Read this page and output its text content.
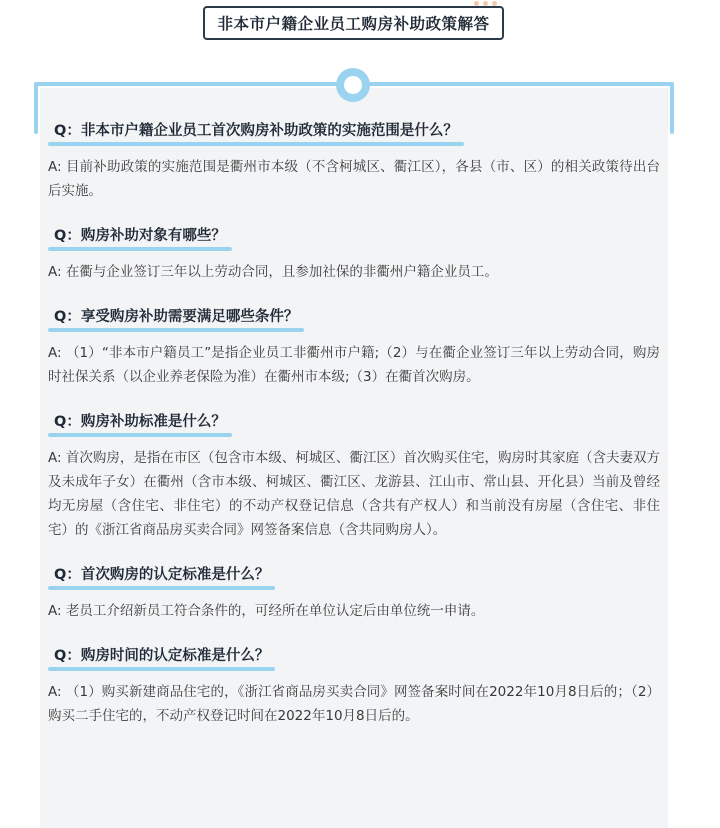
非本市户籍企业员工购房补助政策解答
Q：非本市户籍企业员工首次购房补助政策的实施范围是什么？
A: 目前补助政策的实施范围是衢州市本级（不含柯城区、衢江区），各县（市、区）的相关政策待出台后实施。
Q：购房补助对象有哪些？
A: 在衢与企业签订三年以上劳动合同，且参加社保的非衢州户籍企业员工。
Q：享受购房补助需要满足哪些条件？
A: （1）“非本市户籍员工”是指企业员工非衢州市户籍;（2）与在衢企业签订三年以上劳动合同，购房时社保关系（以企业养老保险为准）在衢州市本级;（3）在衢首次购房。
Q：购房补助标准是什么？
A: 首次购房，是指在市区（包含市本级、柯城区、衢江区）首次购买住宅，购房时其家庭（含夫妻双方及未成年子女）在衢州（含市本级、柯城区、衢江区、龙游县、江山市、常山县、开化县）当前及曾经均无房屋（含住宅、非住宅）的不动产权登记信息（含共有产权人）和当前没有房屋（含住宅、非住宅）的《浙江省商品房买卖合同》网签备案信息（含共同购房人）。
Q：首次购房的认定标准是什么？
A: 老员工介绍新员工符合条件的，可经所在单位认定后由单位统一申请。
Q：购房时间的认定标准是什么？
A: （1）购买新建商品住宅的，《浙江省商品房买卖合同》网签备案时间在2022年10月8日后的；（2）购买二手住宅的，不动产权登记时间在2022年10月8日后的。
